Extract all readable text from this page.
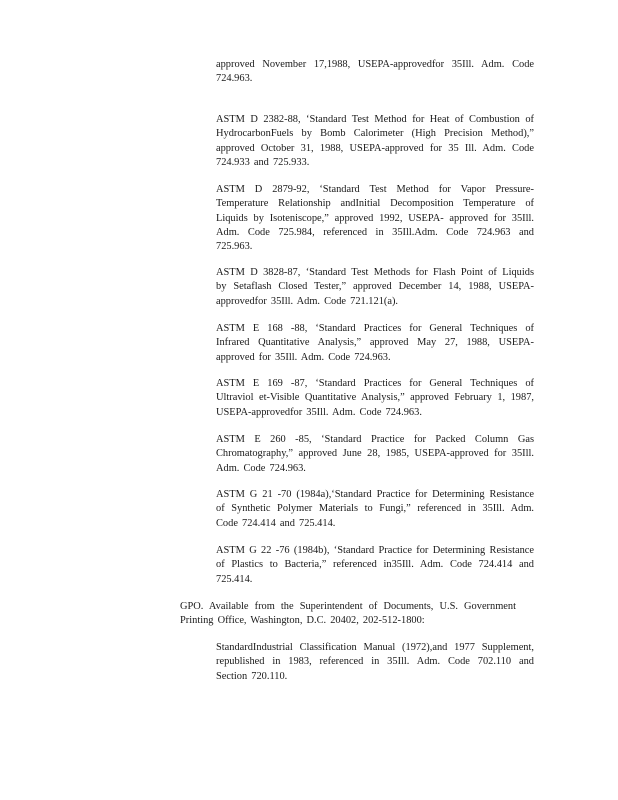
approved November 17,1988, USEPA-approvedfor 35Ill. Adm. Code 724.963.

ASTM D 2382-88, ‘Standard Test Method for Heat of Combustion of HydrocarbonFuels by Bomb Calorimeter (High Precision Method),” approved October 31, 1988, USEPA-approved for 35 Ill. Adm. Code 724.933 and 725.933.

ASTM D 2879-92, ‘Standard Test Method for Vapor Pressure-Temperature Relationship andInitial Decomposition Temperature of Liquids by Isoteniscope,” approved 1992, USEPA- approved for 35Ill. Adm. Code 725.984, referenced in 35Ill.Adm. Code 724.963 and 725.963.

ASTM D 3828-87, ‘Standard Test Methods for Flash Point of Liquids by Setaflash Closed Tester,” approved December 14, 1988, USEPA-approvedfor 35Ill. Adm. Code 721.121(a).

ASTM E 168 -88, ‘Standard Practices for General Techniques of Infrared Quantitative Analysis,” approved May 27, 1988, USEPA-approved for 35Ill. Adm. Code 724.963.

ASTM E 169 -87, ‘Standard Practices for General Techniques of Ultraviol et-Visible Quantitative Analysis,” approved February 1, 1987, USEPA-approvedfor 35Ill. Adm. Code 724.963.

ASTM E 260 -85, ‘Standard Practice for Packed Column Gas Chromatography,” approved June 28, 1985, USEPA-approved for 35Ill. Adm. Code 724.963.

ASTM G 21 -70 (1984a),‘Standard Practice for Determining Resistance of Synthetic Polymer Materials to Fungi,” referenced in 35Ill. Adm. Code 724.414 and 725.414.

ASTM G 22 -76 (1984b), ‘Standard Practice for Determining Resistance of Plastics to Bacteria,” referenced in35Ill. Adm. Code 724.414 and 725.414.

GPO. Available from the Superintendent of Documents, U.S. Government Printing Office, Washington, D.C. 20402, 202-512-1800:

StandardIndustrial Classification Manual (1972),and 1977 Supplement, republished in 1983, referenced in 35Ill. Adm. Code 702.110 and Section 720.110.
